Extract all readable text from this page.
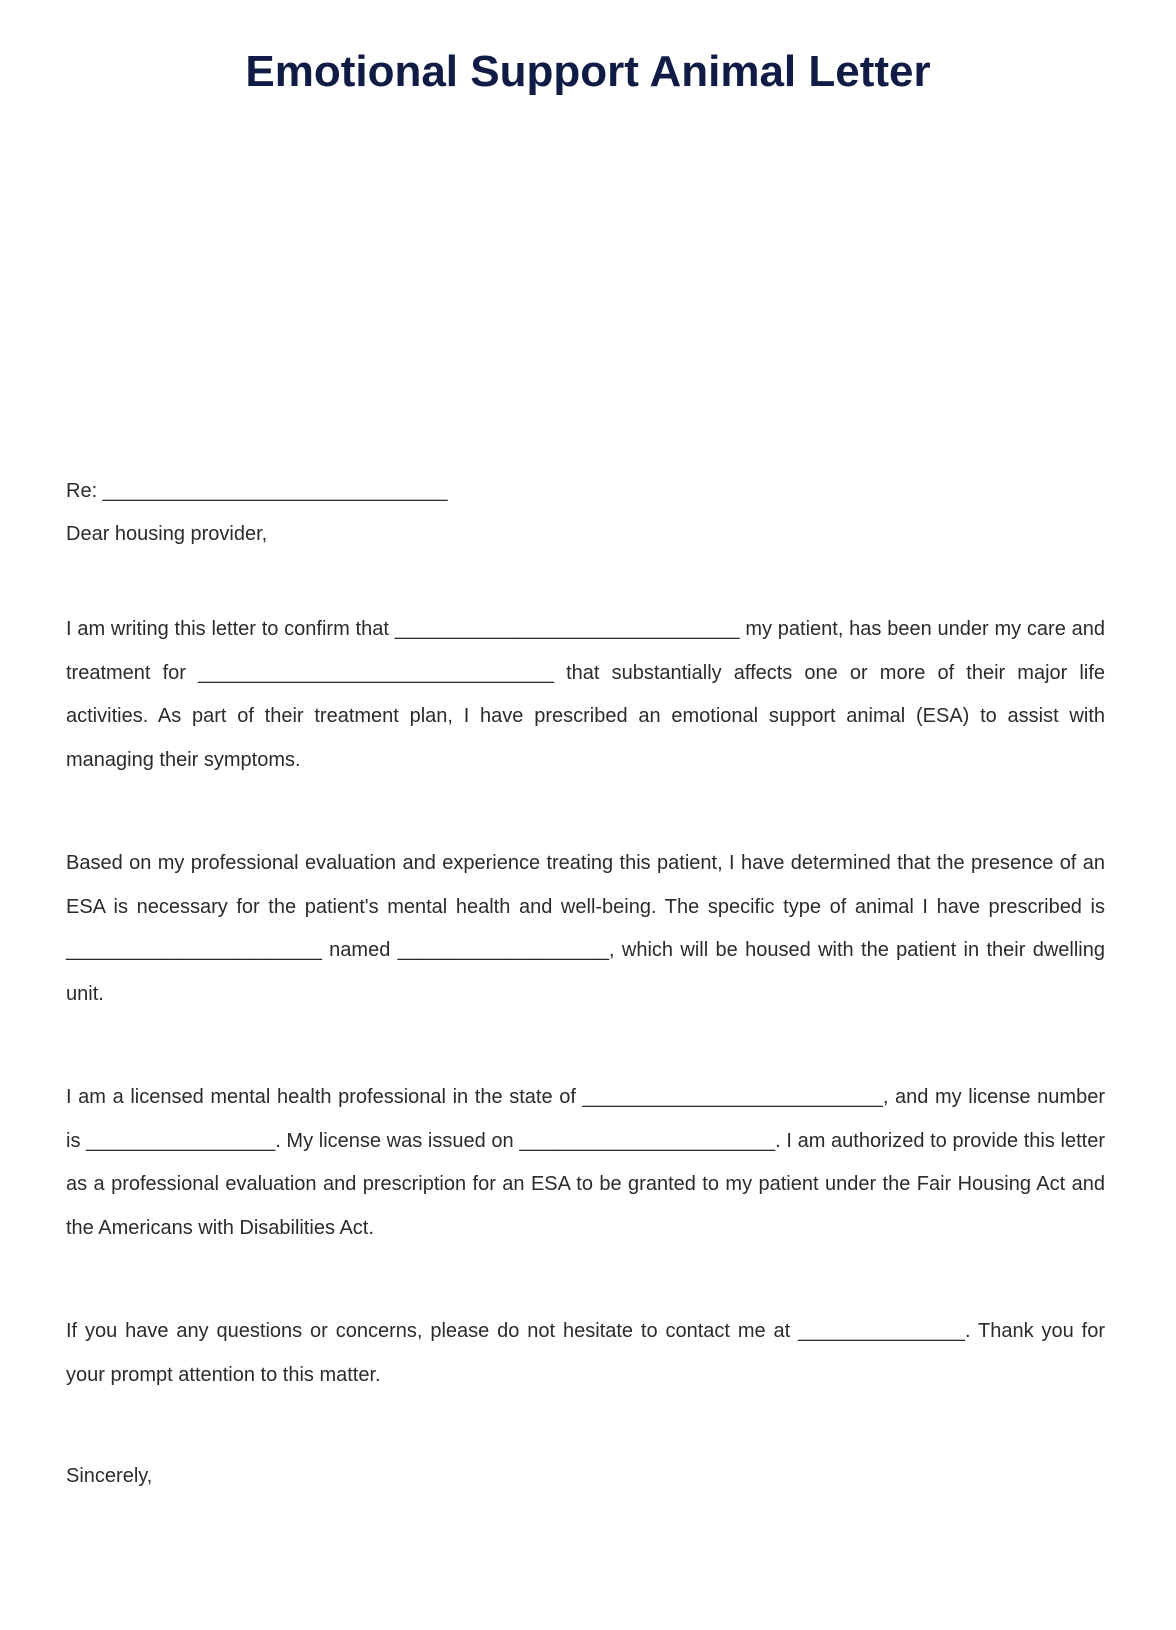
Emotional Support Animal Letter

Re: _______________________________

Dear housing provider,

I am writing this letter to confirm that _______________________________ my patient, has been under my care and treatment for ________________________________ that substantially affects one or more of their major life activities. As part of their treatment plan, I have prescribed an emotional support animal (ESA) to assist with managing their symptoms.

Based on my professional evaluation and experience treating this patient, I have determined that the presence of an ESA is necessary for the patient's mental health and well-being. The specific type of animal I have prescribed is _______________________ named ___________________, which will be housed with the patient in their dwelling unit.

I am a licensed mental health professional in the state of ___________________________, and my license number is _________________. My license was issued on _______________________. I am authorized to provide this letter as a professional evaluation and prescription for an ESA to be granted to my patient under the Fair Housing Act and the Americans with Disabilities Act.

If you have any questions or concerns, please do not hesitate to contact me at _______________. Thank you for your prompt attention to this matter.

Sincerely,
